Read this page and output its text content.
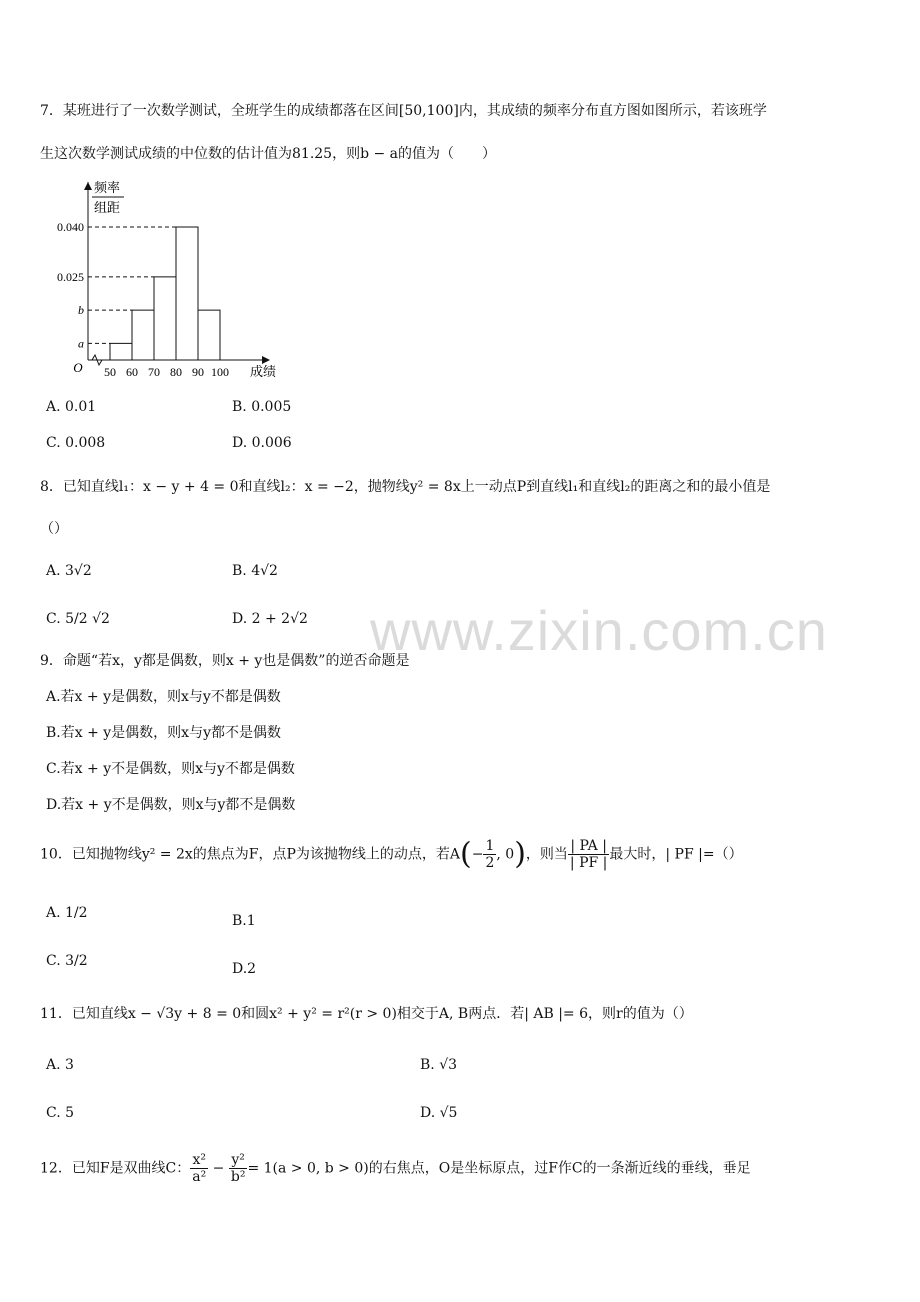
www.zixin.com.cn
7．某班进行了一次数学测试，全班学生的成绩都落在区间[50,100]内，其成绩的频率分布直方图如图所示，若该班学
生这次数学测试成绩的中位数的估计值为81.25，则b − a的值为（　　）
频率
组距
0.040
0.025
b
a
O 50 60 70 80 90 100 成绩
A. 0.01	B. 0.005
C. 0.008	D. 0.006
8．已知直线l₁：x − y + 4 = 0和直线l₂：x = −2，抛物线y² = 8x上一动点P到直线l₁和直线l₂的距离之和的最小值是
（）
A. 3√2	B. 4√2
C. 5/2 √2	D. 2 + 2√2
9．命题“若x，y都是偶数，则x + y也是偶数”的逆否命题是
A.若x + y是偶数，则x与y不都是偶数
B.若x + y是偶数，则x与y都不是偶数
C.若x + y不是偶数，则x与y不都是偶数
D.若x + y不是偶数，则x与y都不是偶数
10．已知抛物线y² = 2x的焦点为F，点P为该抛物线上的动点，若$A(- \frac{1}{2}$ , 0)，则当 $\frac{| PA |}{| PF |}$ 最大时，| PF |=（）
A. 1/2	B.1
C. 3/2	D.2
11．已知直线x − √3y + 8 = 0和圆x² + y² = r²(r > 0)相交于A, B两点．若| AB |= 6，则r的值为（）
A. 3	B. √3
C. 5	D. √5
12．已知F是双曲线C： $\frac{\text{x²}}{\text{a²}} - \frac{\text{y²}}{\text{b²}} = 1(a > 0$, b > 0)的右焦点，O是坐标原点，过F作C的一条渐近线的垂线，垂足
